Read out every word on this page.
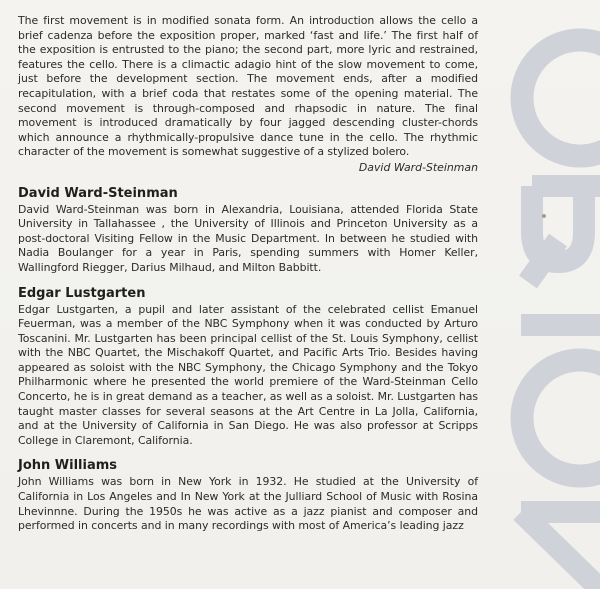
The first movement is in modified sonata form. An introduction allows the cello a brief cadenza before the exposition proper, marked ‘fast and life.’ The first half of the exposition is entrusted to the piano; the second part, more lyric and restrained, features the cello. There is a climactic adagio hint of the slow movement to come, just before the development section. The movement ends, after a modified recapitulation, with a brief coda that restates some of the opening material. The second movement is through-composed and rhapsodic in nature. The final movement is introduced dramatically by four jagged descending cluster-chords which announce a rhythmically-propulsive dance tune in the cello. The rhythmic character of the movement is somewhat suggestive of a stylized bolero.

David Ward-Steinman

David Ward-Steinman

David Ward-Steinman was born in Alexandria, Louisiana, attended Florida State University in Tallahassee , the University of Illinois and Princeton University as a post-doctoral Visiting Fellow in the Music Department. In between he studied with Nadia Boulanger for a year in Paris, spending summers with Homer Keller, Wallingford Riegger, Darius Milhaud, and Milton Babbitt.

Edgar Lustgarten

Edgar Lustgarten, a pupil and later assistant of the celebrated cellist Emanuel Feuerman, was a member of the NBC Symphony when it was conducted by Arturo Toscanini. Mr. Lustgarten has been principal cellist of the St. Louis Symphony, cellist with the NBC Quartet, the Mischakoff Quartet, and Pacific Arts Trio. Besides having appeared as soloist with the NBC Symphony, the Chicago Symphony and the Tokyo Philharmonic where he presented the world premiere of the Ward-Steinman Cello Concerto, he is in great demand as a teacher, as well as a soloist. Mr. Lustgarten has taught master classes for several seasons at the Art Centre in La Jolla, California, and at the University of California in San Diego. He was also professor at Scripps College in Claremont, California.

John Williams

John Williams was born in New York in 1932. He studied at the University of California in Los Angeles and In New York at the Julliard School of Music with Rosina Lhevinnne. During the 1950s he was active as a jazz pianist and composer and performed in concerts and in many recordings with most of America’s leading jazz
